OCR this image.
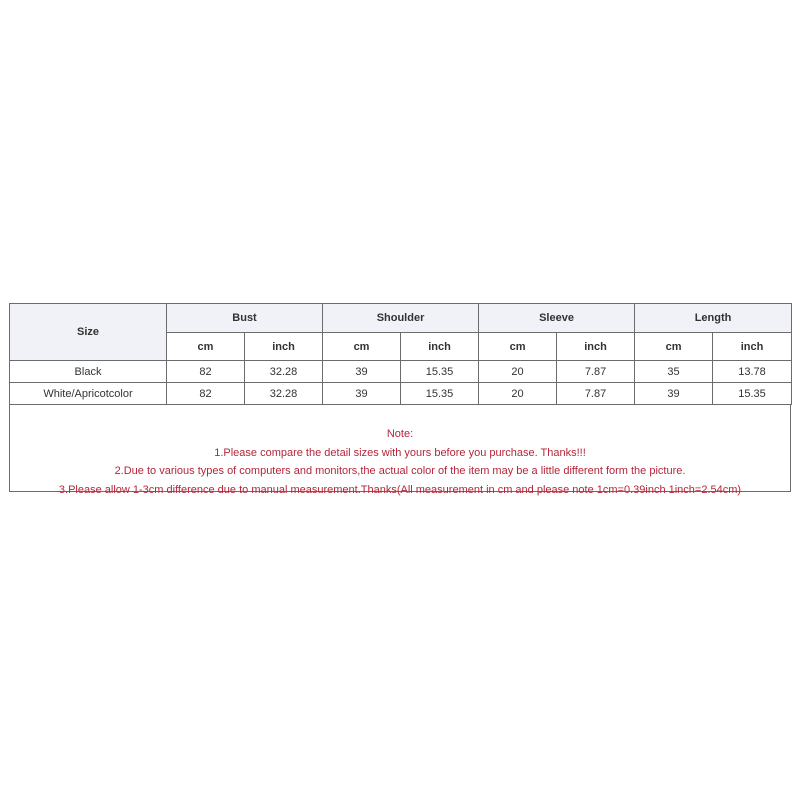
Size	Bust		Shoulder		Sleeve		Length	
	cm	inch	cm	inch	cm	inch	cm	inch
Black	82	32.28	39	15.35	20	7.87	35	13.78
White/Apricotcolor	82	32.28	39	15.35	20	7.87	39	15.35
Note:
1.Please compare the detail sizes with yours before you purchase. Thanks!!!
2.Due to various types of computers and monitors,the actual color of the item may be a little different form the picture.
3.Please allow 1-3cm difference due to manual measurement.Thanks(All measurement in cm and please note 1cm=0.39inch 1inch=2.54cm)
